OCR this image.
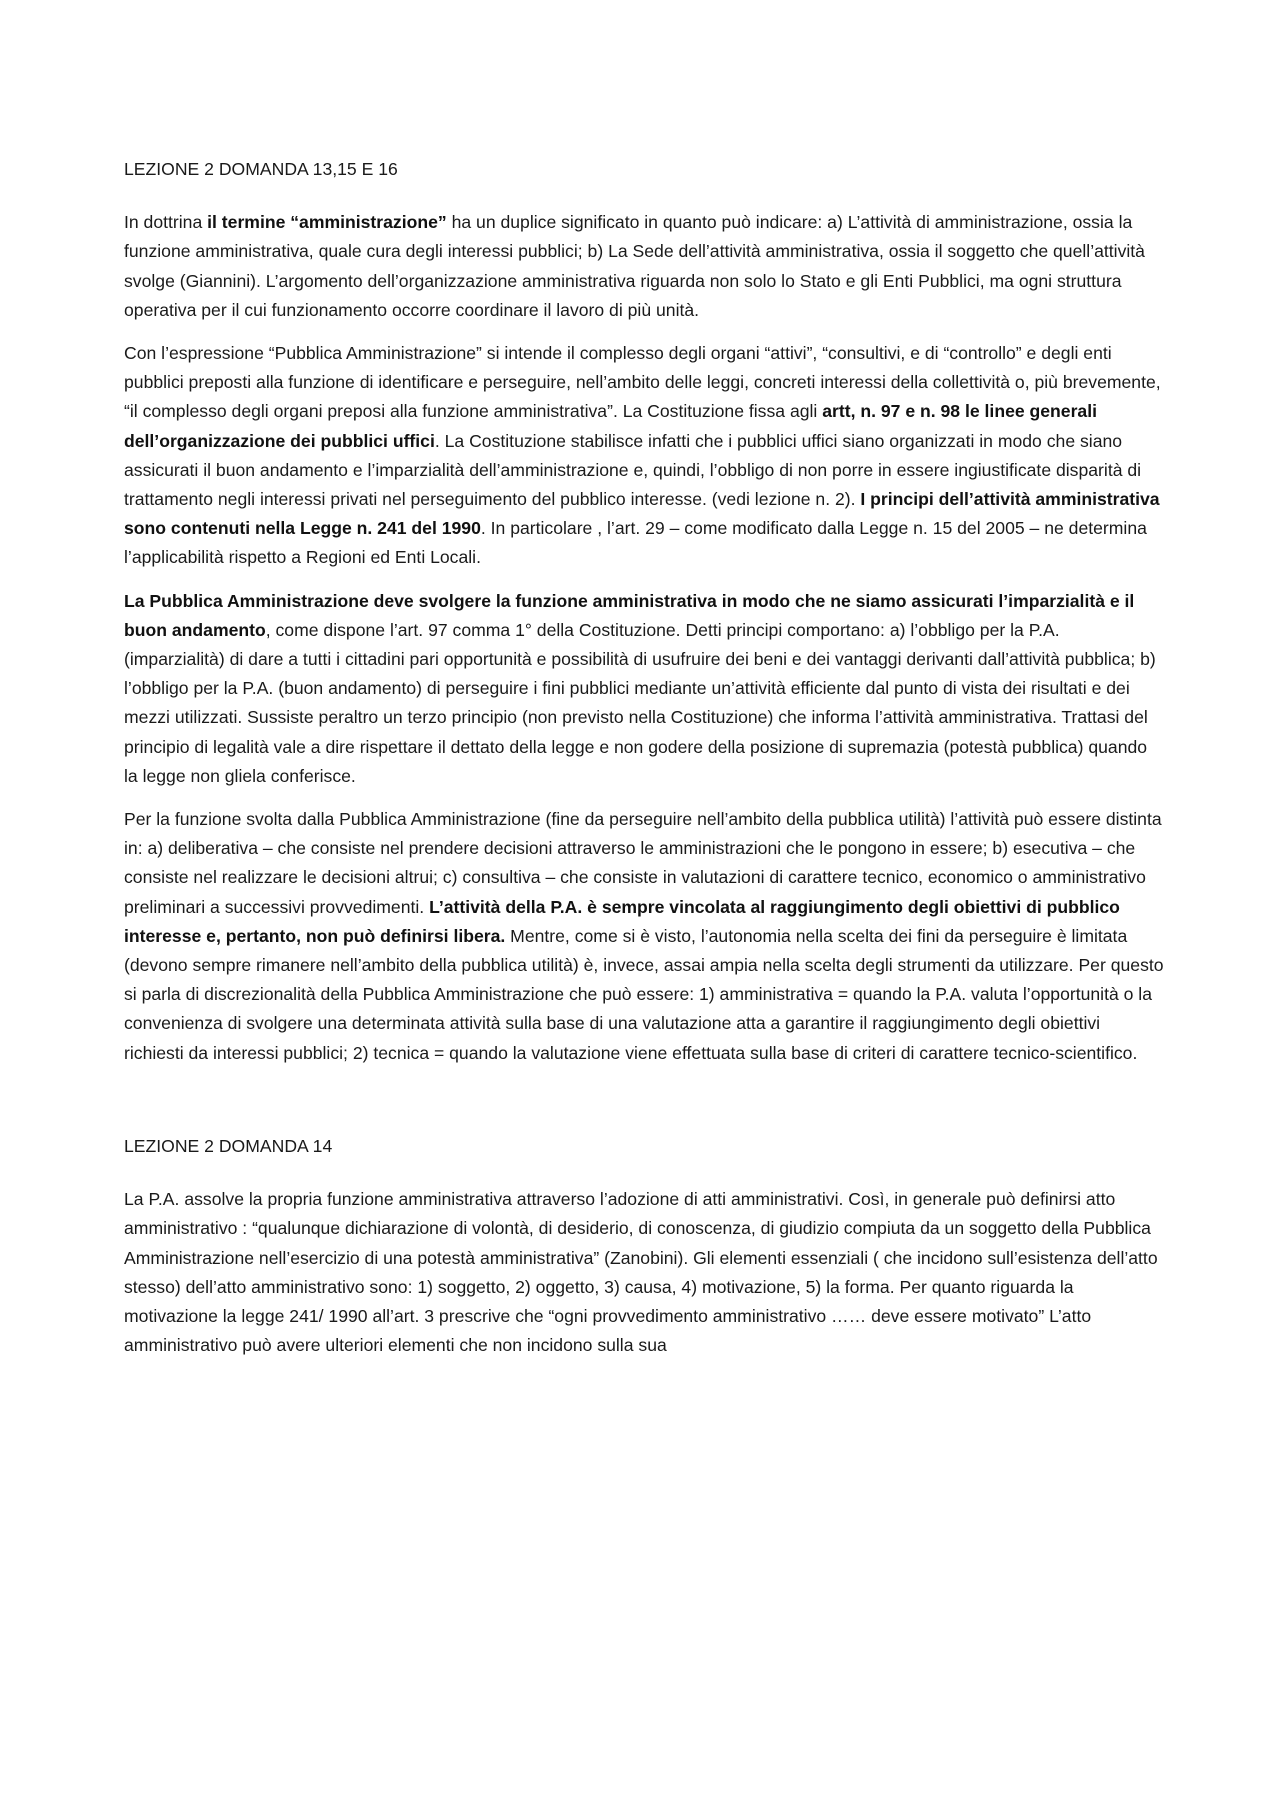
LEZIONE 2 DOMANDA 13,15 E 16

In dottrina il termine “amministrazione” ha un duplice significato in quanto può indicare: a) L’attività di amministrazione, ossia la funzione amministrativa, quale cura degli interessi pubblici; b) La Sede dell’attività amministrativa, ossia il soggetto che quell’attività svolge (Giannini). L’argomento dell’organizzazione amministrativa riguarda non solo lo Stato e gli Enti Pubblici, ma ogni struttura operativa per il cui funzionamento occorre coordinare il lavoro di più unità.

Con l’espressione “Pubblica Amministrazione” si intende il complesso degli organi “attivi”, “consultivi, e di “controllo” e degli enti pubblici preposti alla funzione di identificare e perseguire, nell’ambito delle leggi, concreti interessi della collettività o, più brevemente, “il complesso degli organi preposi alla funzione amministrativa”. La Costituzione fissa agli artt, n. 97 e n. 98 le linee generali dell’organizzazione dei pubblici uffici. La Costituzione stabilisce infatti che i pubblici uffici siano organizzati in modo che siano assicurati il buon andamento e l’imparzialità dell’amministrazione e, quindi, l’obbligo di non porre in essere ingiustificate disparità di trattamento negli interessi privati nel perseguimento del pubblico interesse. (vedi lezione n. 2). I principi dell’attività amministrativa sono contenuti nella Legge n. 241 del 1990. In particolare , l’art. 29 – come modificato dalla Legge n. 15 del 2005 – ne determina l’applicabilità rispetto a Regioni ed Enti Locali.

La Pubblica Amministrazione deve svolgere la funzione amministrativa in modo che ne siamo assicurati l’imparzialità e il buon andamento, come dispone l’art. 97 comma 1° della Costituzione. Detti principi comportano: a) l’obbligo per la P.A. (imparzialità) di dare a tutti i cittadini pari opportunità e possibilità di usufruire dei beni e dei vantaggi derivanti dall’attività pubblica; b) l’obbligo per la P.A. (buon andamento) di perseguire i fini pubblici mediante un’attività efficiente dal punto di vista dei risultati e dei mezzi utilizzati. Sussiste peraltro un terzo principio (non previsto nella Costituzione) che informa l’attività amministrativa. Trattasi del principio di legalità vale a dire rispettare il dettato della legge e non godere della posizione di supremazia (potestà pubblica) quando la legge non gliela conferisce.

Per la funzione svolta dalla Pubblica Amministrazione (fine da perseguire nell’ambito della pubblica utilità) l’attività può essere distinta in: a) deliberativa – che consiste nel prendere decisioni attraverso le amministrazioni che le pongono in essere; b) esecutiva – che consiste nel realizzare le decisioni altrui; c) consultiva – che consiste in valutazioni di carattere tecnico, economico o amministrativo preliminari a successivi provvedimenti. L’attività della P.A. è sempre vincolata al raggiungimento degli obiettivi di pubblico interesse e, pertanto, non può definirsi libera. Mentre, come si è visto, l’autonomia nella scelta dei fini da perseguire è limitata (devono sempre rimanere nell’ambito della pubblica utilità) è, invece, assai ampia nella scelta degli strumenti da utilizzare. Per questo si parla di discrezionalità della Pubblica Amministrazione che può essere: 1) amministrativa = quando la P.A. valuta l’opportunità o la convenienza di svolgere una determinata attività sulla base di una valutazione atta a garantire il raggiungimento degli obiettivi richiesti da interessi pubblici; 2) tecnica = quando la valutazione viene effettuata sulla base di criteri di carattere tecnico-scientifico.

LEZIONE 2 DOMANDA 14

La P.A. assolve la propria funzione amministrativa attraverso l’adozione di atti amministrativi. Così, in generale può definirsi atto amministrativo : “qualunque dichiarazione di volontà, di desiderio, di conoscenza, di giudizio compiuta da un soggetto della Pubblica Amministrazione nell’esercizio di una potestà amministrativa” (Zanobini). Gli elementi essenziali ( che incidono sull’esistenza dell’atto stesso) dell’atto amministrativo sono: 1) soggetto, 2) oggetto, 3) causa, 4) motivazione, 5) la forma. Per quanto riguarda la motivazione la legge 241/ 1990 all’art. 3 prescrive che “ogni provvedimento amministrativo …… deve essere motivato” L’atto amministrativo può avere ulteriori elementi che non incidono sulla sua
